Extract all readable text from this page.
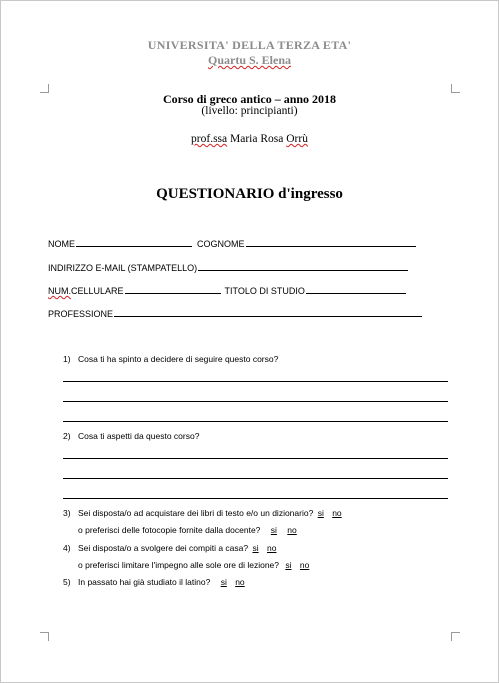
UNIVERSITA' DELLA TERZA ETA'
Quartu S. Elena
Corso di greco antico – anno 2018
(livello: principianti)
prof.ssa Maria Rosa Orrù
QUESTIONARIO d'ingresso
NOME	COGNOME
INDIRIZZO E-MAIL (STAMPATELLO)
NUM. CELLULARE	TITOLO DI STUDIO
PROFESSIONE
1) Cosa ti ha spinto a decidere di seguire questo corso?
2) Cosa ti aspetti da questo corso?
3) Sei disposta/o ad acquistare dei libri di testo e/o un dizionario? si no
o preferisci delle fotocopie fornite dalla docente? si no
4) Sei disposta/o a svolgere dei compiti a casa? si no
o preferisci limitare l'impegno alle sole ore di lezione? si no
5) In passato hai già studiato il latino? si no
